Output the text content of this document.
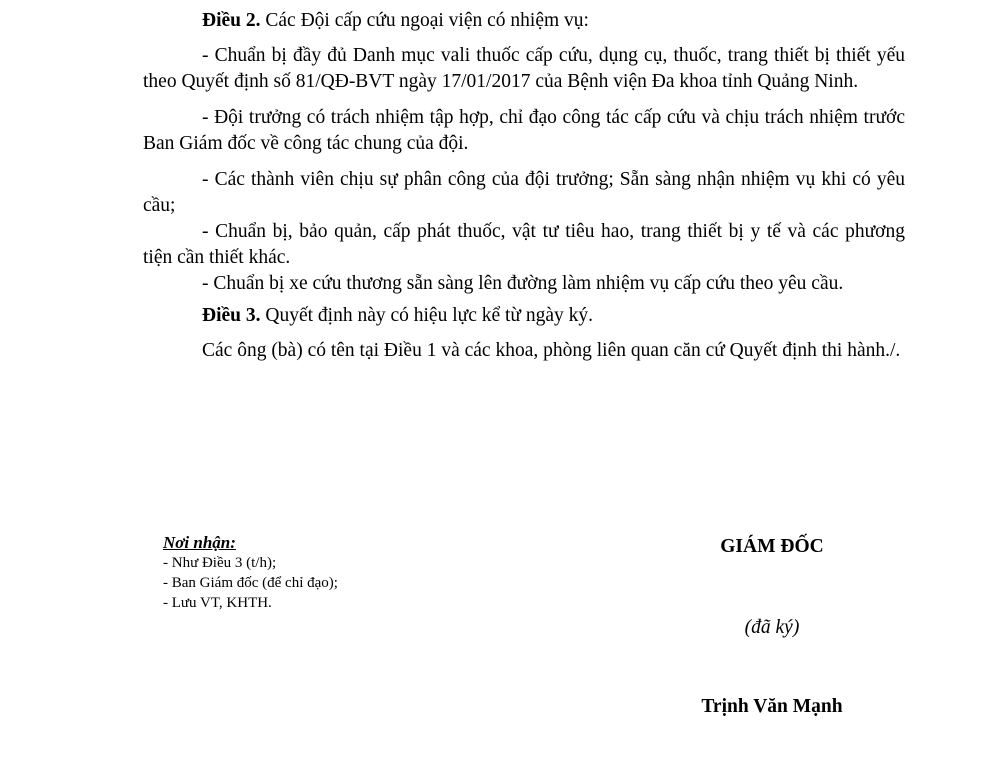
Điều 2. Các Đội cấp cứu ngoại viện có nhiệm vụ:

- Chuẩn bị đầy đủ Danh mục vali thuốc cấp cứu, dụng cụ, thuốc, trang thiết bị thiết yếu theo Quyết định số 81/QĐ-BVT ngày 17/01/2017 của Bệnh viện Đa khoa tỉnh Quảng Ninh.

- Đội trưởng có trách nhiệm tập hợp, chỉ đạo công tác cấp cứu và chịu trách nhiệm trước Ban Giám đốc về công tác chung của đội.

- Các thành viên chịu sự phân công của đội trưởng; Sẵn sàng nhận nhiệm vụ khi có yêu cầu;

- Chuẩn bị, bảo quản, cấp phát thuốc, vật tư tiêu hao, trang thiết bị y tế và các phương tiện cần thiết khác.

- Chuẩn bị xe cứu thương sẵn sàng lên đường làm nhiệm vụ cấp cứu theo yêu cầu.

Điều 3. Quyết định này có hiệu lực kể từ ngày ký.

Các ông (bà) có tên tại Điều 1 và các khoa, phòng liên quan căn cứ Quyết định thi hành./.

Nơi nhận:
- Như Điều 3 (t/h);
- Ban Giám đốc (để chỉ đạo);
- Lưu VT, KHTH.
GIÁM ĐỐC
(đã ký)
Trịnh Văn Mạnh
